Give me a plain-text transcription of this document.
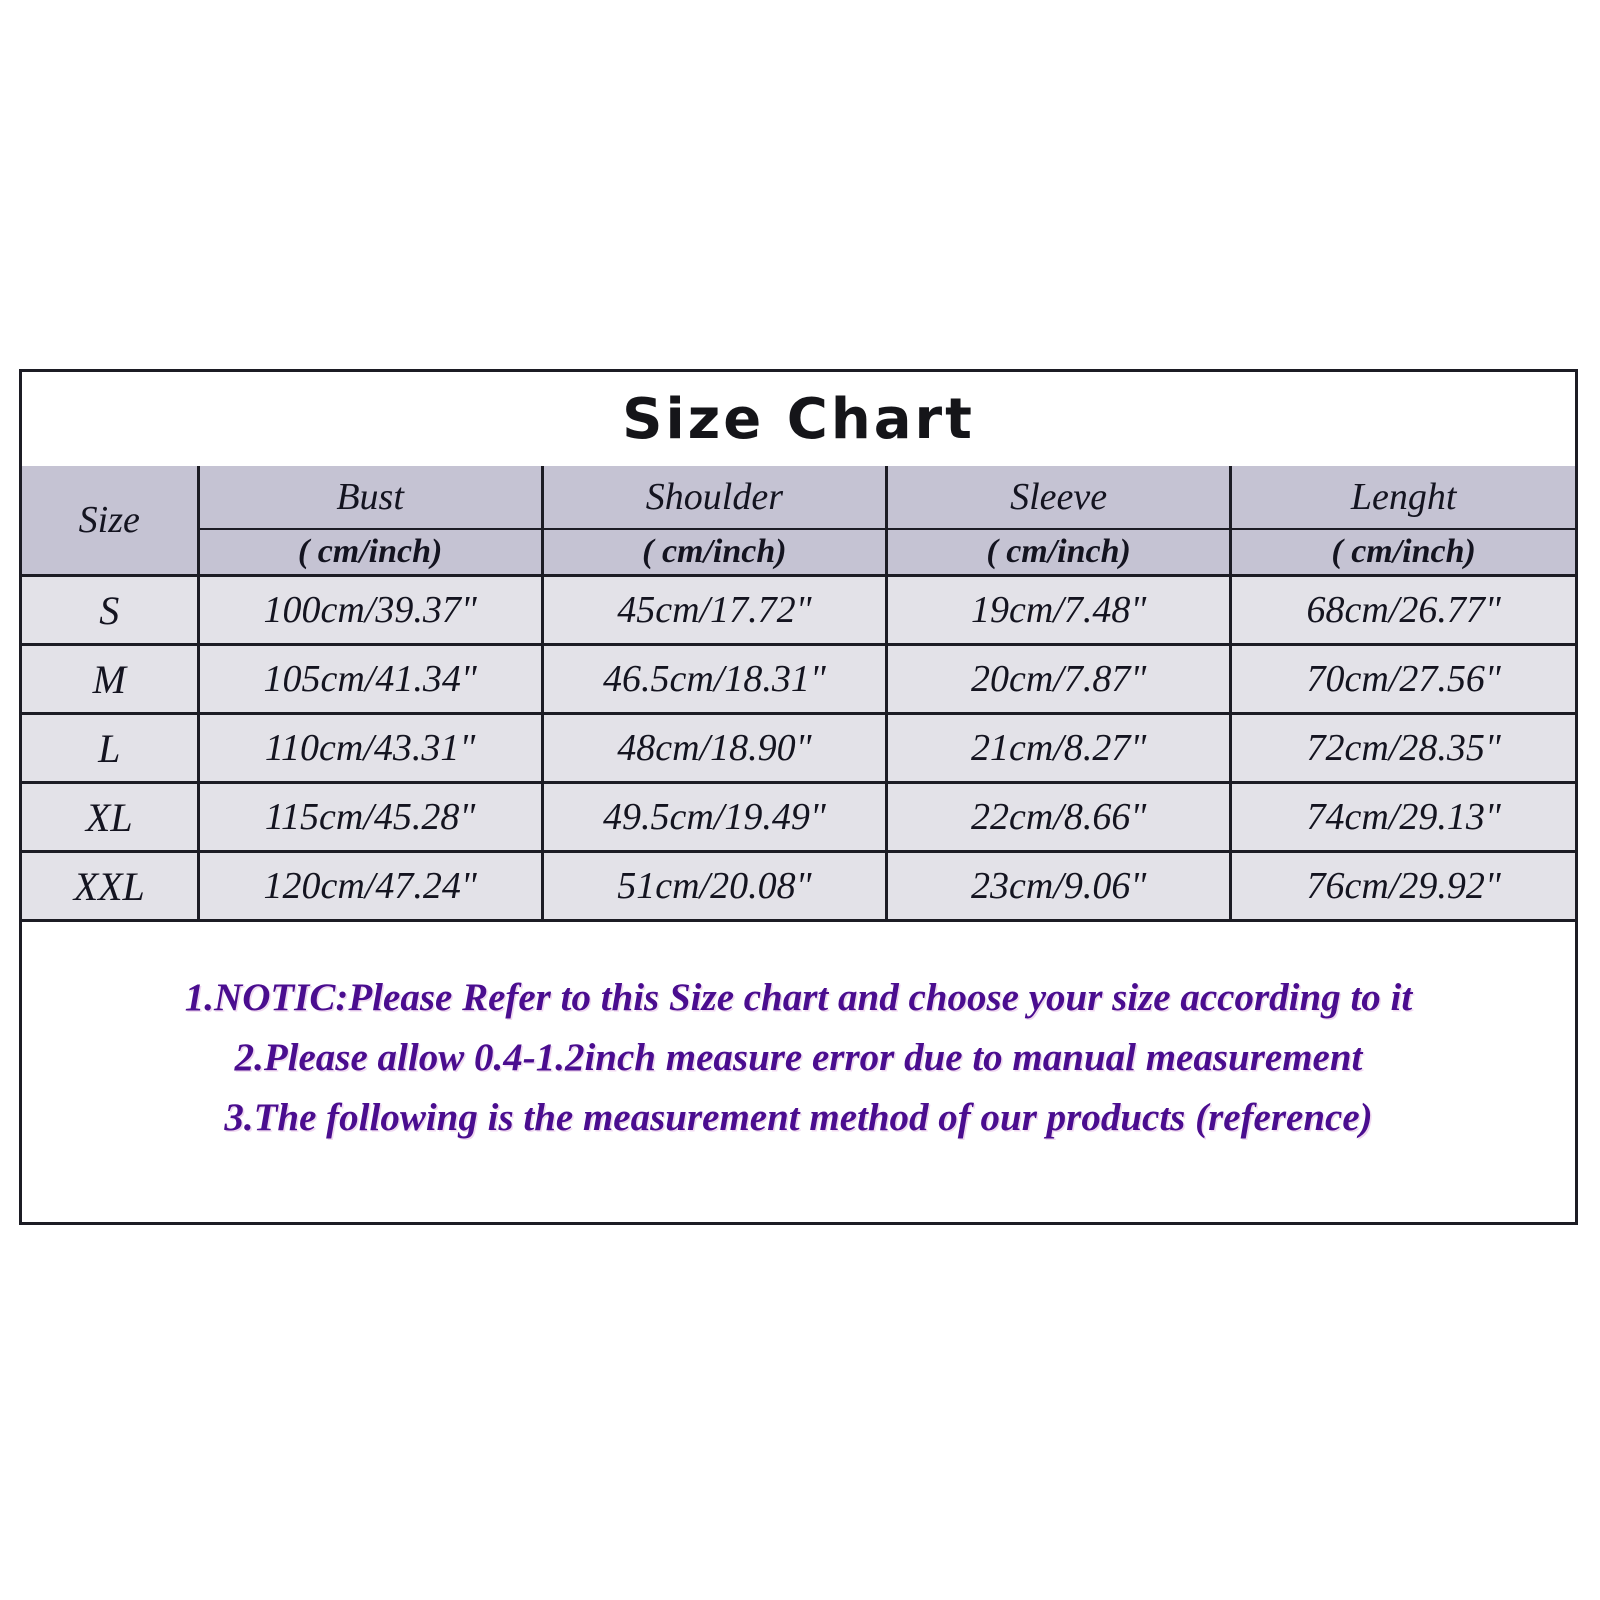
Size Chart
Size	Bust	Shoulder	Sleeve	Lenght
	( cm/inch)	( cm/inch)	( cm/inch)	( cm/inch)
S	100cm/39.37"	45cm/17.72"	19cm/7.48"	68cm/26.77"
M	105cm/41.34"	46.5cm/18.31"	20cm/7.87"	70cm/27.56"
L	110cm/43.31"	48cm/18.90"	21cm/8.27"	72cm/28.35"
XL	115cm/45.28"	49.5cm/19.49"	22cm/8.66"	74cm/29.13"
XXL	120cm/47.24"	51cm/20.08"	23cm/9.06"	76cm/29.92"
1.NOTIC:Please Refer to this Size chart and choose your size according to it
2.Please allow 0.4-1.2inch measure error due to manual measurement
3.The following is the measurement method of our products (reference)
